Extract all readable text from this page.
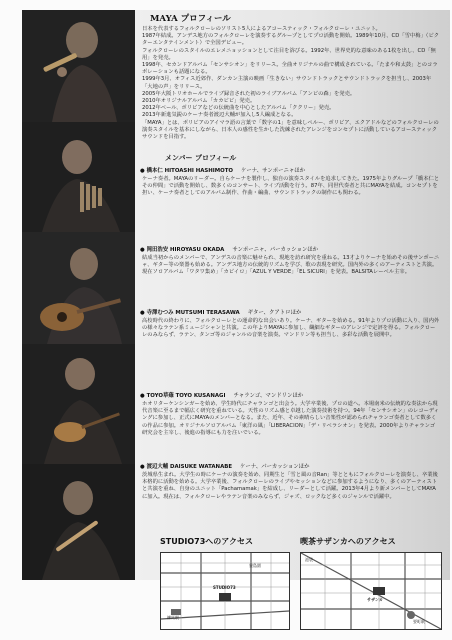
MAYA プロフィール
日本を代表するフォルクローレのソリスト5人によるアコースティック・フォルクローレ・ユニット。
1987年結成。アンデス地方のフォルクローレを演奏するグループとしてプロ活動を開始。1989年10月、CD「雪中梅」（ビクターエンタテインメント）で全国デビュー。
フォルクローレのスタイルのエレメニョッションとして注目を浴びる。1992年、世界史的な意味のある1枚を出し、CD「無用」を発売。
1998年、セカンドアルバム「センサシオン」をリリース。全曲オリジナルの曲で構成されている。「たまや和太鼓」とのコラボレーションも話題になる。
1999年3月、オフィス近郊作、ダンカン主演の映画「生きない」サウンドトラックとサウンドトラックを担当し、2003年「大地の声」をリリース。
2005年大阪トリオホールでライブ録音された初のライブアルバム「アンビの森」を発売。
2010年オリジナルアルバム「カカビビ」発売。
2012年ベール、ボリビアなどの伝統曲を中心としたアルバム「ククリー」発売。
2013年新進気鋭のケーナ奏者渡辺大輔が加入し5人編成となる。
「MAYA」とは、ボリビアのアイマラ語の言葉で「数字の1」を意味しペルー、ボリビア、エクアドルなどのフォルクローレの演奏スタイルを基本にしながら、日本人の感性を生かした洗練されたアレンジをコンセプトに活動しているアコースティックサウンドを目指す。
メンバー プロフィール
● 橋本仁 HITOASHI HASHIMOTO ケーナ、サンポーニャほか
ケーナ奏者。MAYAのリーダー。自らケーナを製作し、独自の演奏スタイルを追求してきた。1975年よりグループ「橋本仁とその仲間」で活動を開始し、数多くのコンサート、ライブ活動を行う。87年、同世代奏者と共にMAYAを結成。コンセプトを担い、ケーナ奏者としてのアルバム制作、作曲・編曲、サウンドトラックの制作にも関わる。
● 岡田浩安 HIROYASU OKADA サンポーニャ、パーカッションほか
結成当初からのメンバーで、アンデスの音楽に魅せられ、現地を訪れ研究を重ねる。13才よりケーナを始めその後サンポーニャ、ギター等の楽器も始める。アンデス地方の伝統的リズムを学び、歌の表現を研究。国内外の多くのアーティストと共演。現在ソロアルバム「ワタワ集め」「カビイロ」「AZUL Y VERDE」「EL SICURI」を発表。BALSITAレーベル主宰。
● 寺澤むつみ MUTSUMI TERASAWA ギター、クアトロほか
高校時代の終わりに、フォルクローレとの運命的な出会いあり。ケーナ、ギターを始める。91年よりプロ活動に入り、国内外の様々なラテン系ミュージシャンと共演。この年よりMAYAに参加し、繊細なギターのアレンジで定評を得る。フォルクローレのみならず、ラテン、タンゴ等のジャンルの音楽を演奏。マンドリン等も担当し、多彩な活動を展開中。
● TOYO草薙 TOYO KUSANAGI チャランゴ、マンドリンほか
ホオリターケンシンガーを始め、学生時代にチャランゴと出会う。大学卒業後、プロの道へ。本場南米の伝統的な奏法から現代音楽に至るまで幅広く研究を重ねている。天性のリズム感と卓越した演奏技術を持つ。94年「センサシオン」のレコーディングに参加し、正式にMAYAのメンバーとなる。また、近年、その素晴らしい音楽性が認められチャランゴ奏者として数多くの作品に参加。オリジナルソロアルバム「東洋の風」「LIBERACION」「デ・リベラシオン」を発表。2000年よりチャランゴ研究会を主宰し、後進の指導にも力を注いでいる。
● 渡辺大輔 DAISUKE WATANABE ケーナ、パーカッションほか
茨城県生まれ。大学生の時にケーナの演奏を始め、同期生と「雪と風の音Ran」等とともにフォルクローレを演奏し、卒業後本格的に活動を始める。大学卒業後、フォルクローレのライブやセッションなどに参加するようになり、多くのアーティストと共演を重ね、自身のユニット「Pachamamak」を結成し、リーダーとして活躍。2013年4月より新メンバーとしてMAYAに加入。現在は、フォルクローレやラテン音楽のみならず、ジャズ、ロックなど多くのジャンルで活躍中。
STUDIO73へのアクセス	喫茶サザンカへのアクセス
練馬駅
豊島園
STUDIO73
池袋
サザンカ
要町駅
